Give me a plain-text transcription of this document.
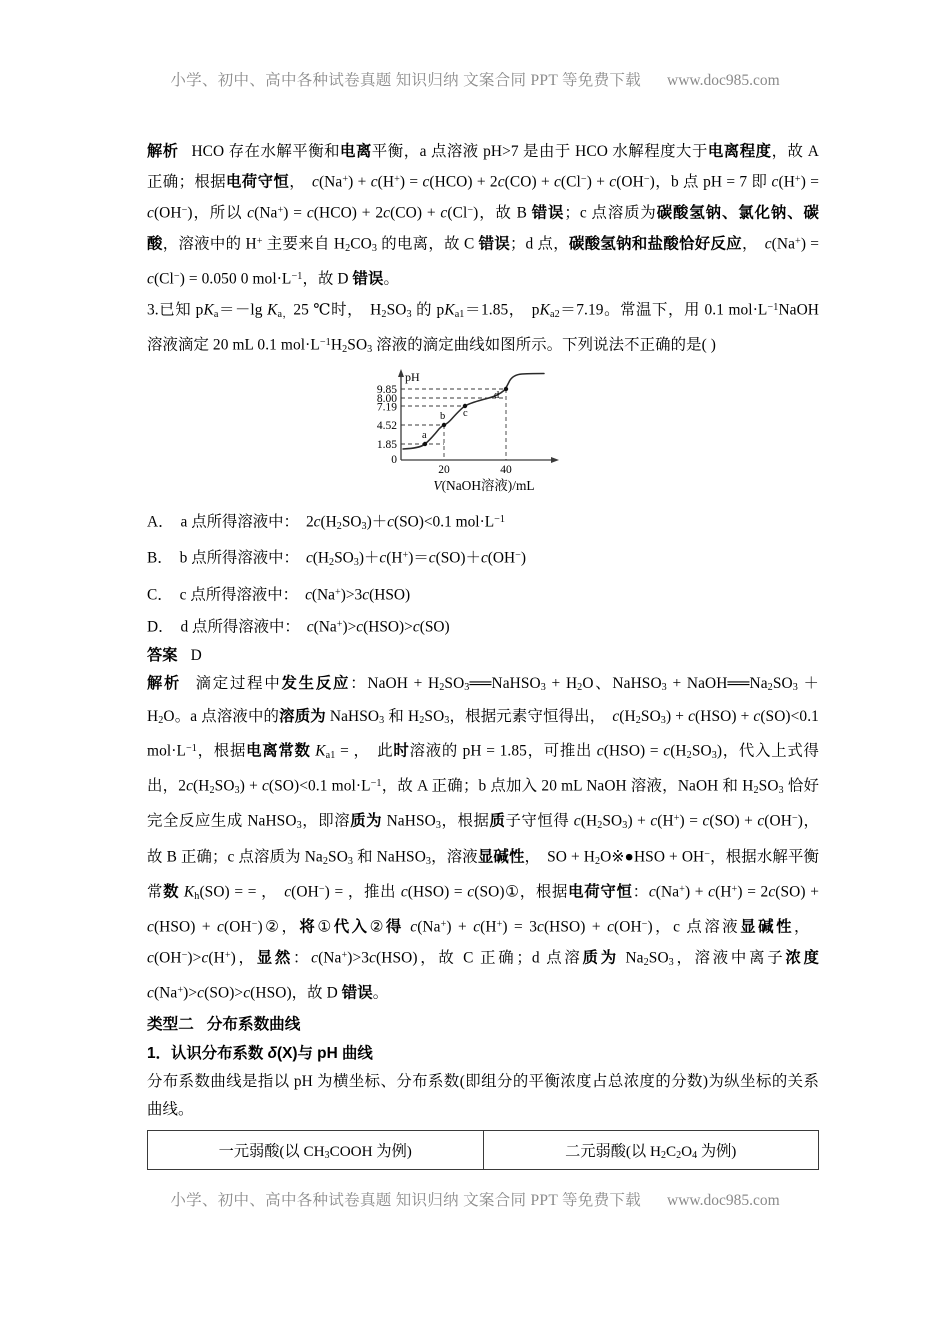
小学、初中、高中各种试卷真题 知识归纳 文案合同 PPT 等免费下载 www.doc985.com

解析 HCO 存在水解平衡和电离平衡，a 点溶液 pH>7 是由于 HCO 水解程度大于电离程度，故 A 正确；根据电荷守恒， c(Na+) + c(H+) = c(HCO) + 2c(CO) + c(Cl−) + c(OH−)，b 点 pH = 7 即 c(H+) = c(OH−)，所以 c(Na+) = c(HCO) + 2c(CO) + c(Cl−)，故 B 错误；c 点溶质为碳酸氢钠、氯化钠、碳酸，溶液中的 H+ 主要来自 $H_2CO_3$ 的电离，故 C 错误；d 点，碳酸氢钠和盐酸恰好反应， c(Na+) = c(Cl−) = 0.050 0 $mol\cdot L^{-1}$，故 D 错误。

3.已知 $pK_a=-\lg$ $K_{a,}25$ ℃时， $H_2SO_3$ 的 $pK_{a1}=1.85$， $pK_{a2}=7.19$。常温下，用 0.1 $mol\cdot L^{-1}NaOH$ 溶液滴定 20 mL 0.1 $mol\cdot L^{-1}H_2SO_3$ 溶液的滴定曲线如图所示。下列说法不正确的是( )

a
b c
d
pH
9.85
8.00
7.19
4.52
1.85
0
20	40
V(NaOH溶液)/mL
A． a 点所得溶液中： $2c(H_2SO_3)+c(SO)<0.1$ $mol\cdot L^{-1}$
B． b 点所得溶液中： $c(H_2SO_3)+c(H^+)=c(SO)+c(OH^-)$
C． c 点所得溶液中： c(Na+)>3c(HSO)
D． d 点所得溶液中： c(Na+)>c(HSO)>c(SO)

答案 D

解析 滴定过程中发生反应：NaOH + $H_2SO_3══NaHSO_3 + H_2O$、NaHSO$_3$ + $NaOH══Na_2SO_3 + H_2O$。a 点溶液中的溶质为 NaHSO$_3$ 和 $H_2SO_3$，根据元素守恒得出， $c(H_2SO_3) + c(HSO) + c(SO)<0.1$ $mol\cdot L^{-1}$，根据电离常数 $K_{a1}$ = ， 此时溶液的 pH = 1.85，可推出 $c(HSO) = c(H_2SO_3)$，代入上式得出，$2c(H_2SO_3) + c(SO)<0.1$ $mol\cdot L^{-1}$，故 A 正确；b 点加入 20 mL NaOH 溶液，NaOH 和 $H_2SO_3$ 恰好完全反应生成 NaHSO$_3$，即溶质为 NaHSO$_3$，根据质子守恒得 $c(H_2SO_3) + c(H^+) = c(SO) + c(OH^-)$，故 B 正确；c 点溶质为 $Na_2SO_3$ 和 NaHSO$_3$，溶液显碱性， SO + $H_2O※●HSO + OH^-$，根据水解平衡常数 $K_h(SO)$ = = ， c(OH−) = ，推出 c(HSO) = c(SO)①，根据电荷守恒：c(Na+) + c(H+) = 2c(SO) + c(HSO) + c(OH−)②，将①代入②得 c(Na+) + c(H+) = 3c(HSO) + c(OH−)，c 点溶液显碱性，c(OH−)>c(H+)，显然：c(Na+)>3c(HSO)，故 C 正确；d 点溶质为 $Na_2SO_3$，溶液中离子浓度 c(Na+)>c(SO)>c(HSO)，故 D 错误。

类型二 分布系数曲线
1．认识分布系数 δ(X)与 pH 曲线

分布系数曲线是指以 pH 为横坐标、分布系数(即组分的平衡浓度占总浓度的分数)为纵坐标的关系曲线。

一元弱酸(以 $CH_3COOH$ 为例)	二元弱酸(以 $H_2C_2O_4$ 为例)
小学、初中、高中各种试卷真题 知识归纳 文案合同 PPT 等免费下载 www.doc985.com
